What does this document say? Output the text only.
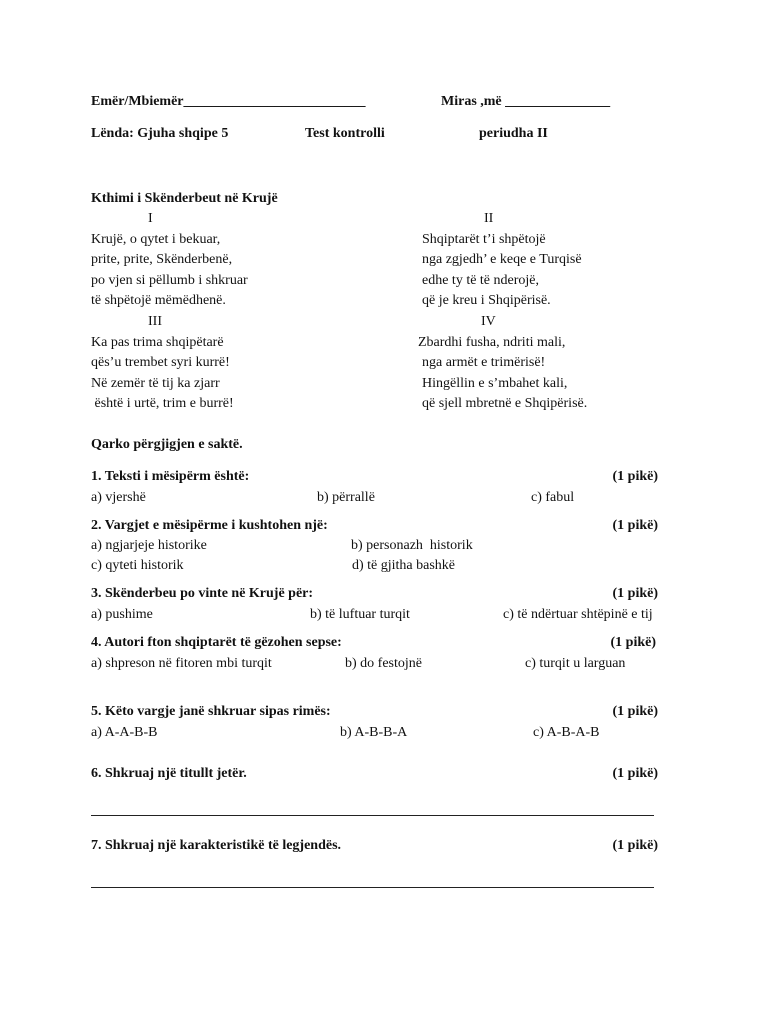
Emër/Mbiemër__________________________	Miras ,më _______________
Lënda: Gjuha shqipe 5	Test kontrolli	periudha II
Kthimi i Skënderbeut në Krujë
I
Krujë, o qytet i bekuar,
prite, prite, Skënderbenë,
po vjen si pëllumb i shkruar
të shpëtojë mëmëdhenë.
II
Shqiptarët t’i shpëtojë
nga zgjedh’ e keqe e Turqisë
edhe ty të të nderojë,
që je kreu i Shqipërisë.
III
Ka pas trima shqipëtarë
qës’u trembet syri kurrë!
Në zemër të tij ka zjarr
është i urtë, trim e burrë!
IV
Zbardhi fusha, ndriti mali,
nga armët e trimërisë!
Hingëllin e s’mbahet kali,
që sjell mbretnë e Shqipërisë.
Qarko përgjigjen e saktë.
1. Teksti i mësipërm është:	(1 pikë)
a) vjershë	b) përrallë	c) fabul
2. Vargjet e mësipërme i kushtohen një:	(1 pikë)
a) ngjarjeje historike	b) personazh  historik
c) qyteti historik	d) të gjitha bashkë
3. Skënderbeu po vinte në Krujë për:	(1 pikë)
a) pushime	b) të luftuar turqit	c) të ndërtuar shtëpinë e tij
4. Autori fton shqiptarët të gëzohen sepse:	(1 pikë)
a) shpreson në fitoren mbi turqit	b) do festojnë	c) turqit u larguan
5. Këto vargje janë shkruar sipas rimës:	(1 pikë)
a) A-A-B-B	b) A-B-B-A	c) A-B-A-B
6. Shkruaj një titullt jetër.	(1 pikë)
7. Shkruaj një karakteristikë të legjendës.	(1 pikë)
